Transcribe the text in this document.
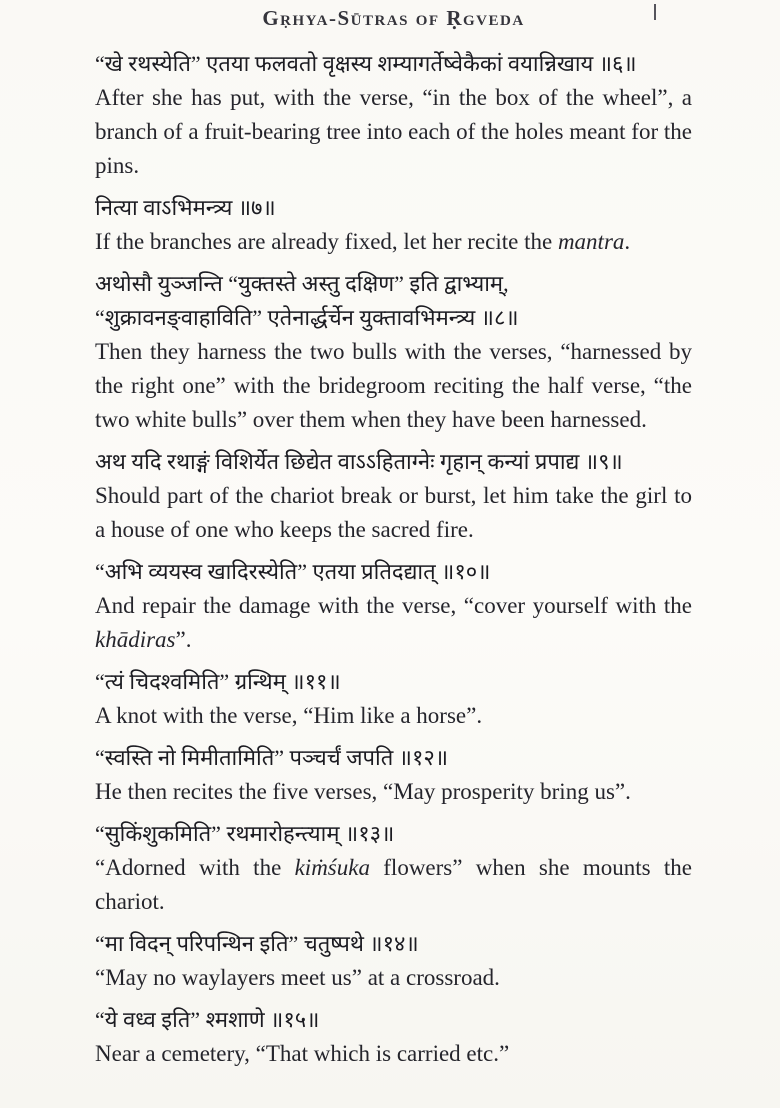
Gṛhya-Sūtras of Ṛgveda

“खे रथस्येति” एतया फलवतो वृक्षस्य शम्यागर्तेष्वेकैकां वयान्निखाय ॥६॥

After she has put, with the verse, “in the box of the wheel”, a branch of a fruit-bearing tree into each of the holes meant for the pins.

नित्या वाऽभिमन्त्र्य ॥७॥

If the branches are already fixed, let her recite the mantra.

अथोसौ युञ्जन्ति “युक्तस्ते अस्तु दक्षिण” इति द्वाभ्याम्,

“शुक्रावनङ्वाहाविति” एतेनार्द्धर्चेन युक्तावभिमन्त्र्य ॥८॥

Then they harness the two bulls with the verses, “harnessed by the right one” with the bridegroom reciting the half verse, “the two white bulls” over them when they have been harnessed.

अथ यदि रथाङ्गं विशिर्येत छिद्येत वाऽऽहिताग्नेः गृहान् कन्यां प्रपाद्य ॥९॥

Should part of the chariot break or burst, let him take the girl to a house of one who keeps the sacred fire.

“अभि व्ययस्व खादिरस्येति” एतया प्रतिदद्यात् ॥१०॥

And repair the damage with the verse, “cover yourself with the khādiras”.

“त्यं चिदश्वमिति” ग्रन्थिम् ॥११॥

A knot with the verse, “Him like a horse”.

“स्वस्ति नो मिमीतामिति” पञ्चर्चं जपति ॥१२॥

He then recites the five verses, “May prosperity bring us”.

“सुकिंशुकमिति” रथमारोहन्त्याम् ॥१३॥

“Adorned with the kiṁśuka flowers” when she mounts the chariot.

“मा विदन् परिपन्थिन इति” चतुष्पथे ॥१४॥

“May no waylayers meet us” at a crossroad.

“ये वध्व इति” श्मशाणे ॥१५॥

Near a cemetery, “That which is carried etc.”
